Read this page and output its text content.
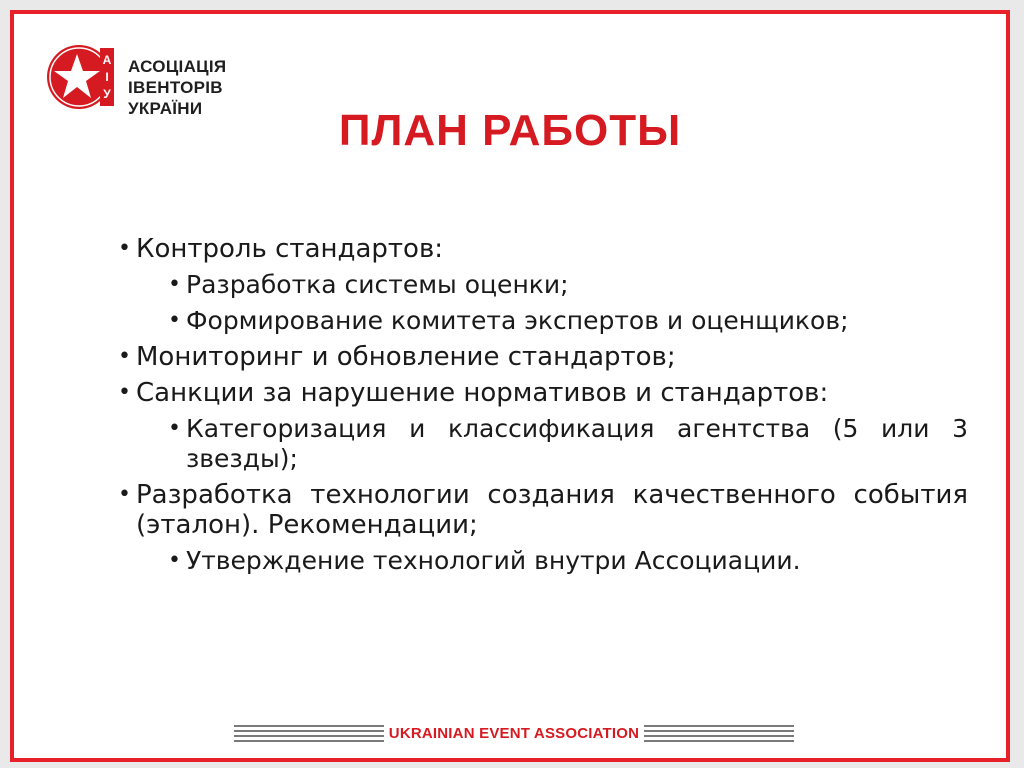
А
І
У
АСОЦІАЦІЯ
ІВЕНТОРІВ УКРАЇНИ	ПЛАН РАБОТЫ
• Контроль стандартов:
• Разработка системы оценки;
• Формирование комитета экспертов и оценщиков;
• Мониторинг и обновление стандартов;
• Санкции за нарушение нормативов и стандартов:
• Категоризация и классификация агентства (5 или 3 звезды);
• Разработка технологии создания качественного события (эталон). Рекомендации;
• Утверждение технологий внутри Ассоциации.
UKRAINIAN EVENT ASSOCIATION
